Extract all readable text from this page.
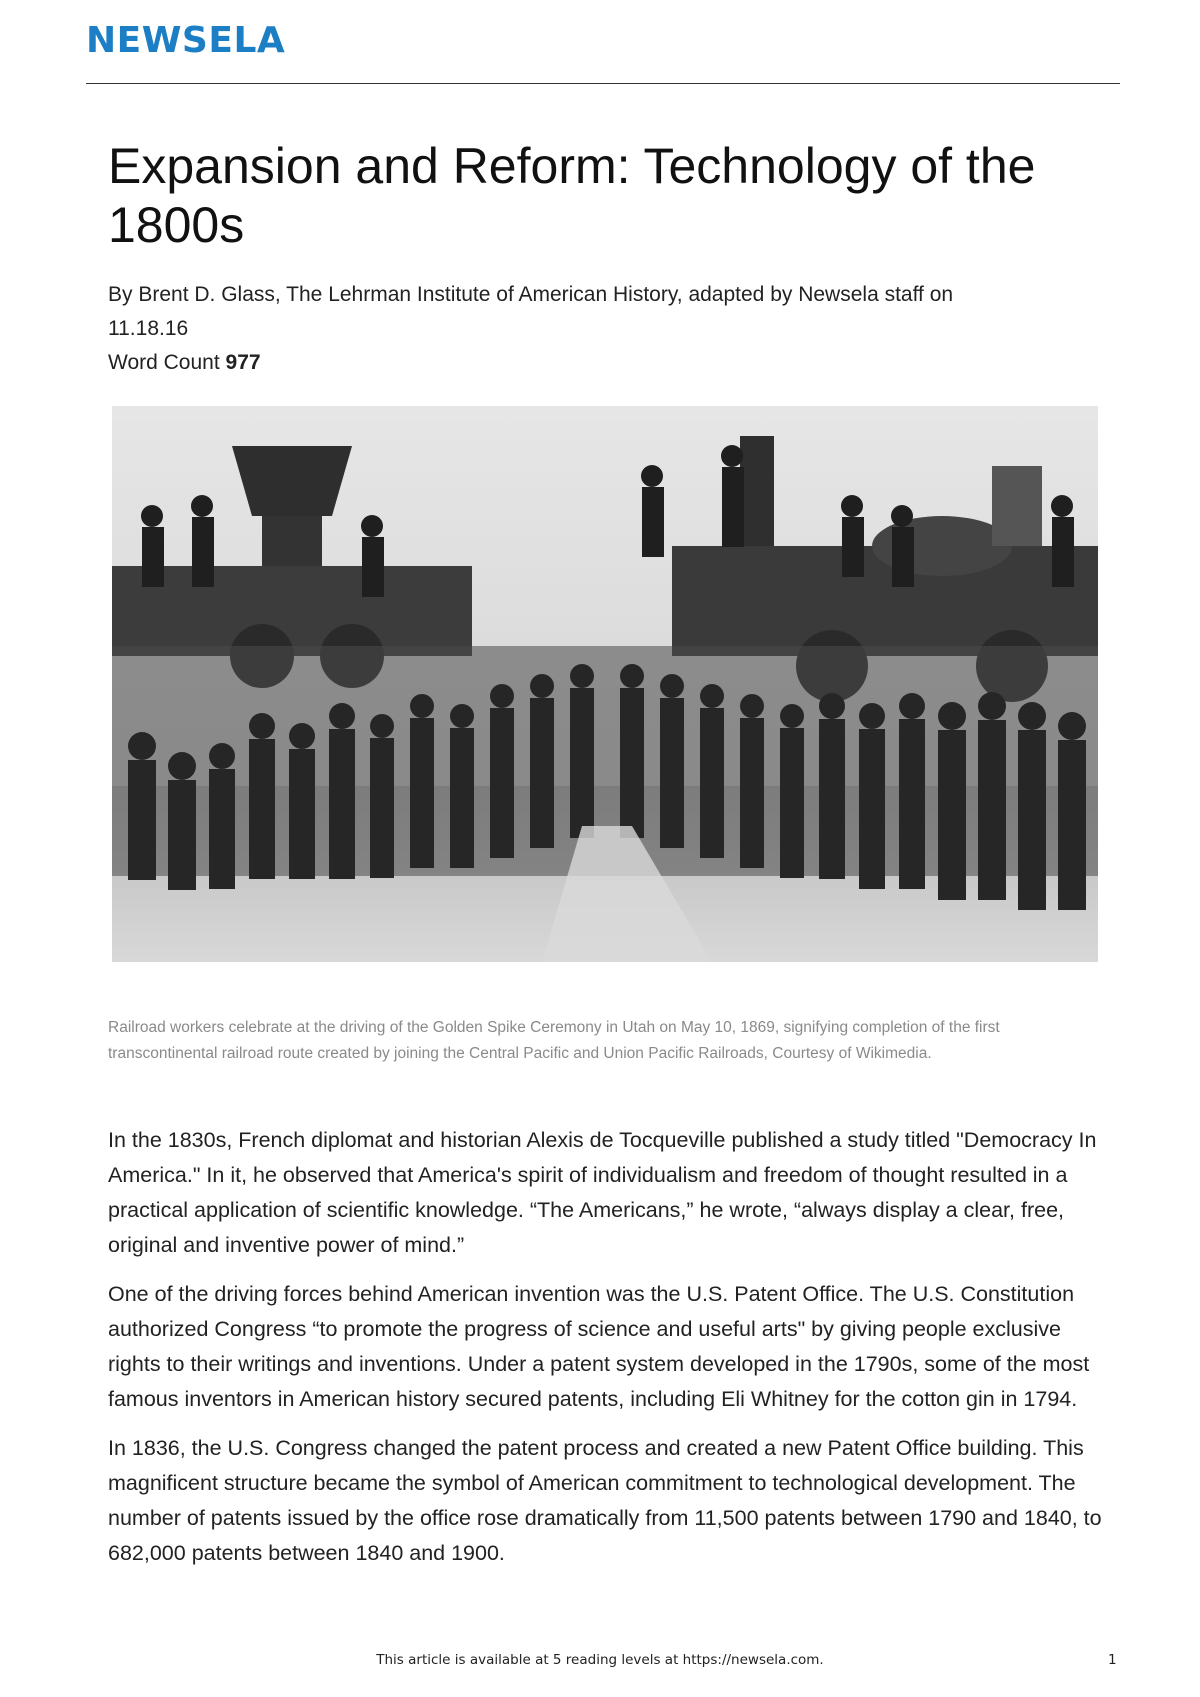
NEWSELA
Expansion and Reform: Technology of the 1800s
By Brent D. Glass, The Lehrman Institute of American History, adapted by Newsela staff on
11.18.16
Word Count 977
Railroad workers celebrate at the driving of the Golden Spike Ceremony in Utah on May 10, 1869, signifying completion of the first transcontinental railroad route created by joining the Central Pacific and Union Pacific Railroads, Courtesy of Wikimedia.

In the 1830s, French diplomat and historian Alexis de Tocqueville published a study titled "Democracy In America." In it, he observed that America's spirit of individualism and freedom of thought resulted in a practical application of scientific knowledge. “The Americans,” he wrote, “always display a clear, free, original and inventive power of mind.”

One of the driving forces behind American invention was the U.S. Patent Office. The U.S. Constitution authorized Congress “to promote the progress of science and useful arts" by giving people exclusive rights to their writings and inventions. Under a patent system developed in the 1790s, some of the most famous inventors in American history secured patents, including Eli Whitney for the cotton gin in 1794.

In 1836, the U.S. Congress changed the patent process and created a new Patent Office building. This magnificent structure became the symbol of American commitment to technological development. The number of patents issued by the office rose dramatically from 11,500 patents between 1790 and 1840, to 682,000 patents between 1840 and 1900.

This article is available at 5 reading levels at https://newsela.com.	1
